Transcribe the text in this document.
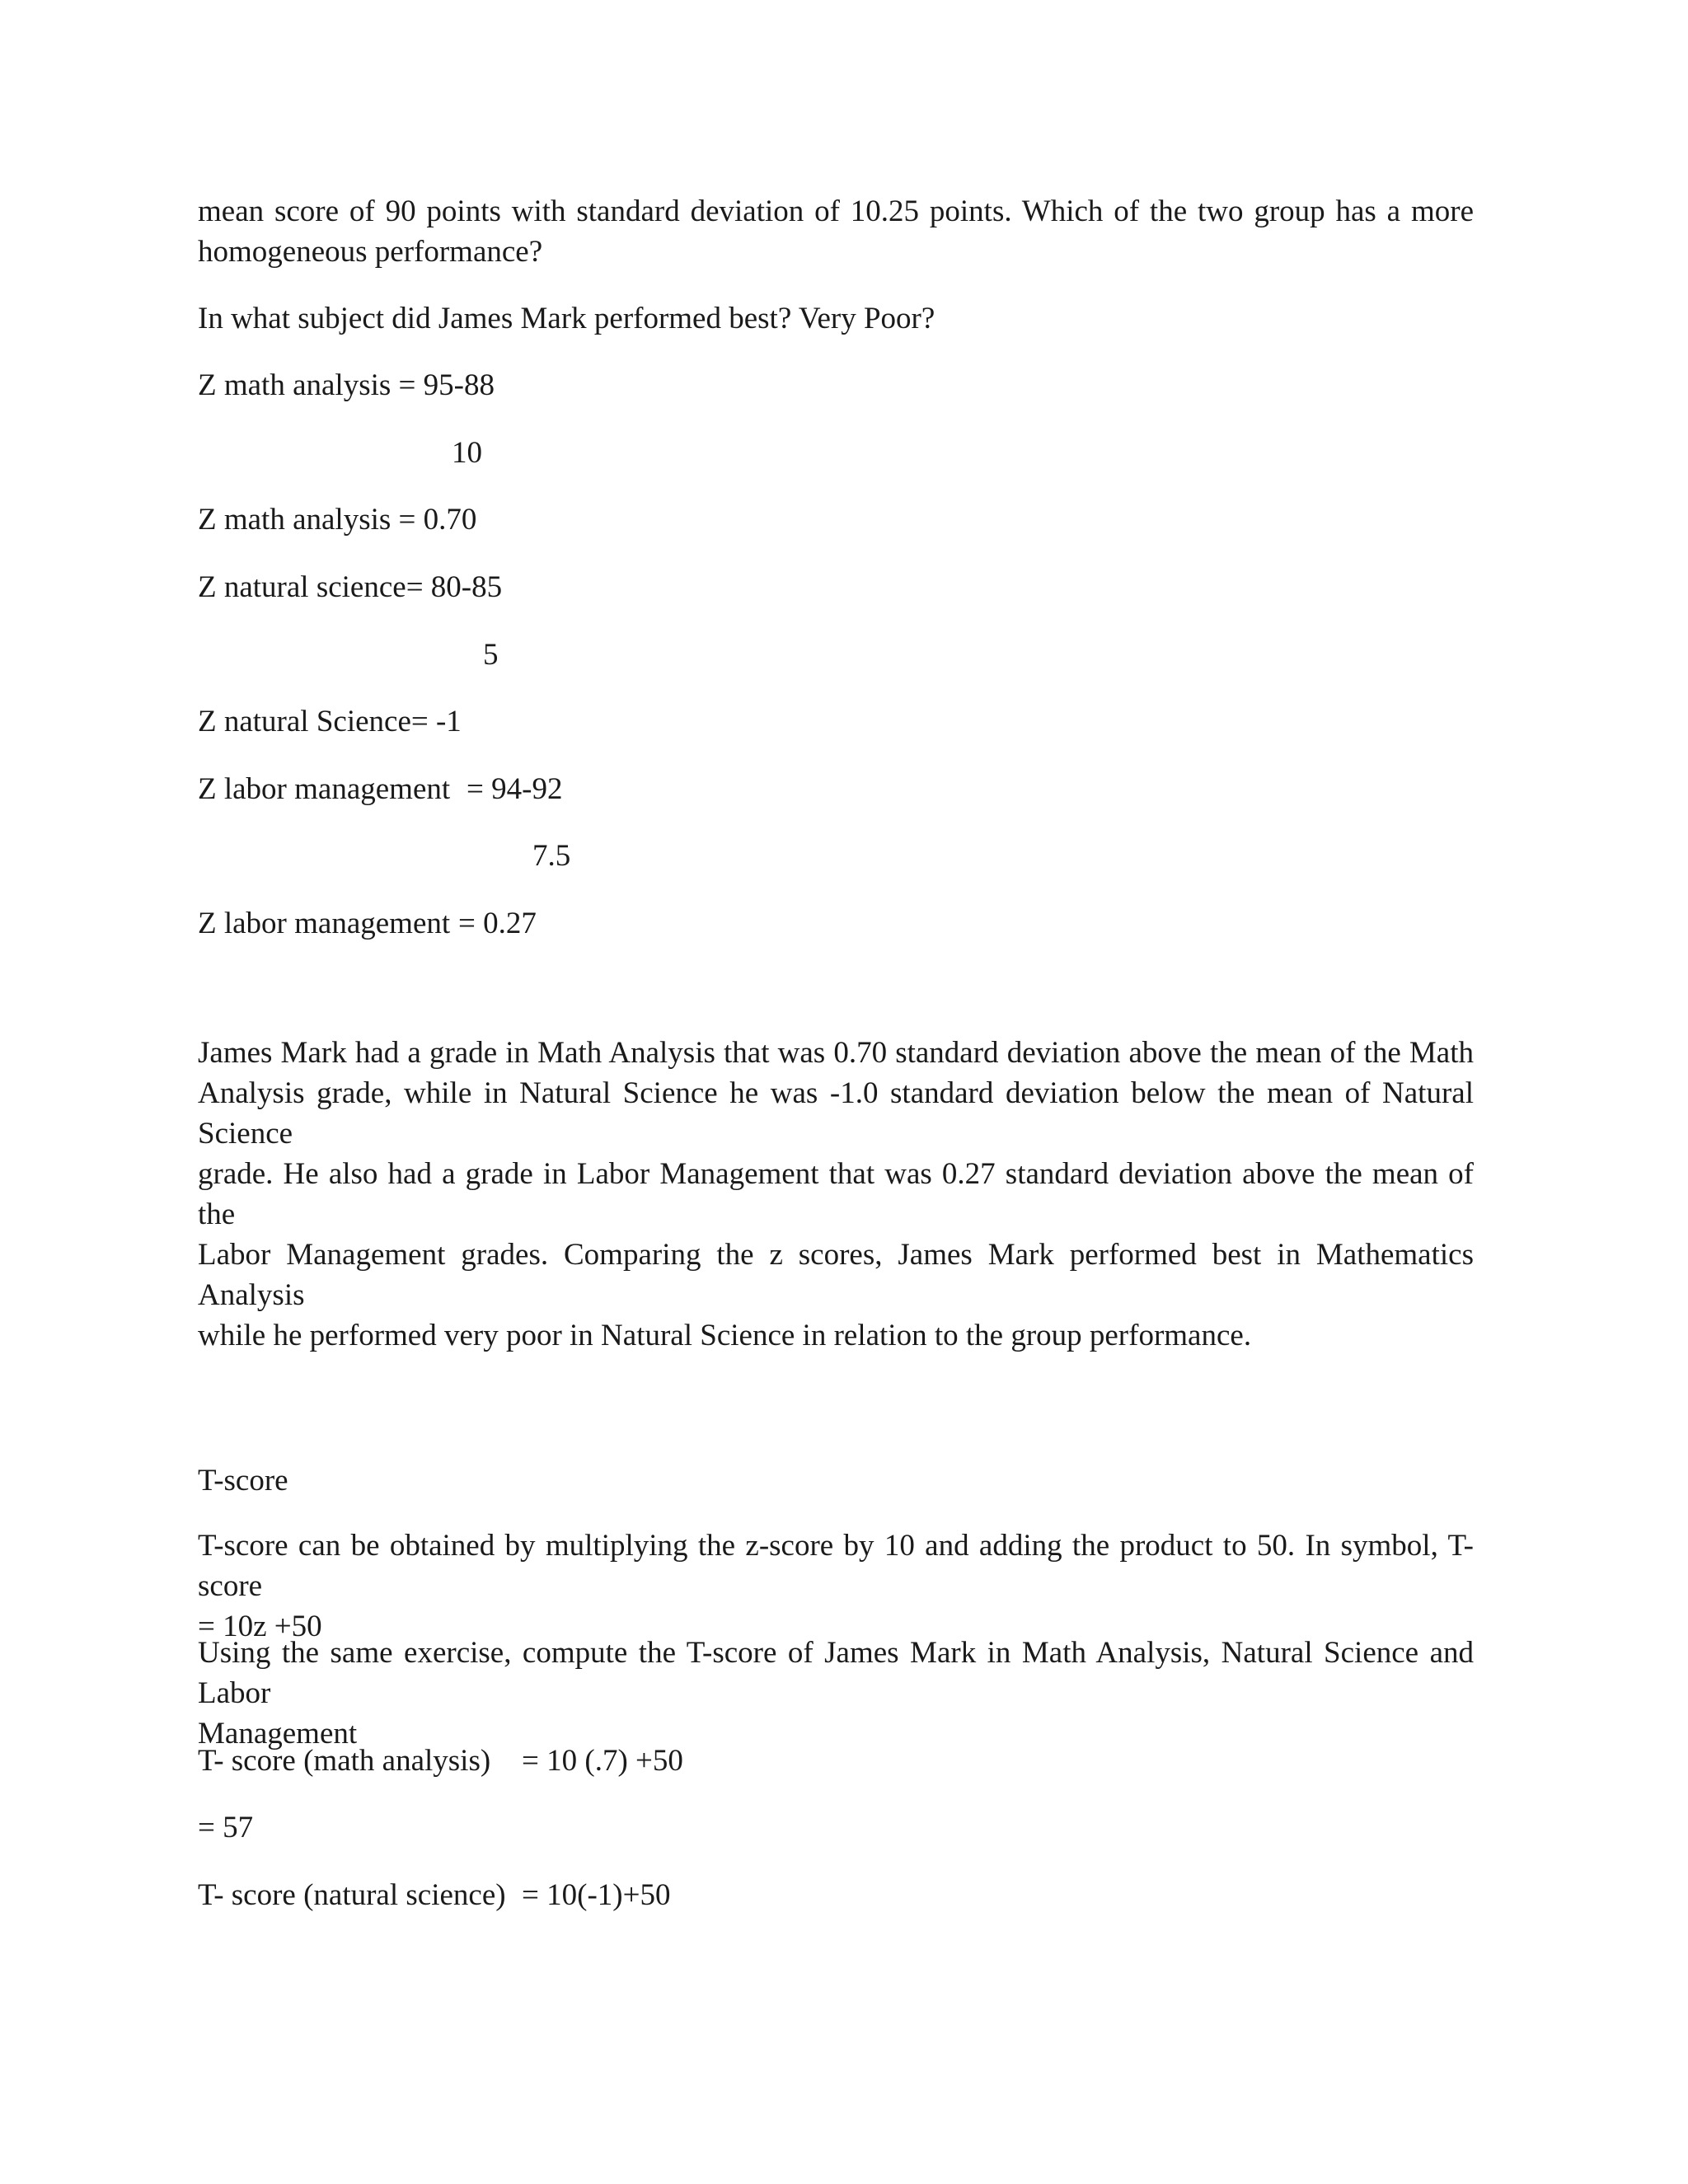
mean score of 90 points with standard deviation of 10.25 points. Which of the two group has a more
homogeneous performance?
In what subject did James Mark performed best? Very Poor?
Z math analysis = 95-88
10
Z math analysis = 0.70
Z natural science= 80-85
5
Z natural Science= -1
Z labor management = 94-92
7.5
Z labor management = 0.27
James Mark had a grade in Math Analysis that was 0.70 standard deviation above the mean of the Math
Analysis grade, while in Natural Science he was -1.0 standard deviation below the mean of Natural Science
grade. He also had a grade in Labor Management that was 0.27 standard deviation above the mean of the
Labor Management grades. Comparing the z scores, James Mark performed best in Mathematics Analysis
while he performed very poor in Natural Science in relation to the group performance.
T-score
T-score can be obtained by multiplying the z-score by 10 and adding the product to 50. In symbol, T-score
= 10z +50
Using the same exercise, compute the T-score of James Mark in Math Analysis, Natural Science and Labor
Management
T- score (math analysis) = 10 (.7) +50
= 57
T- score (natural science) = 10(-1)+50
